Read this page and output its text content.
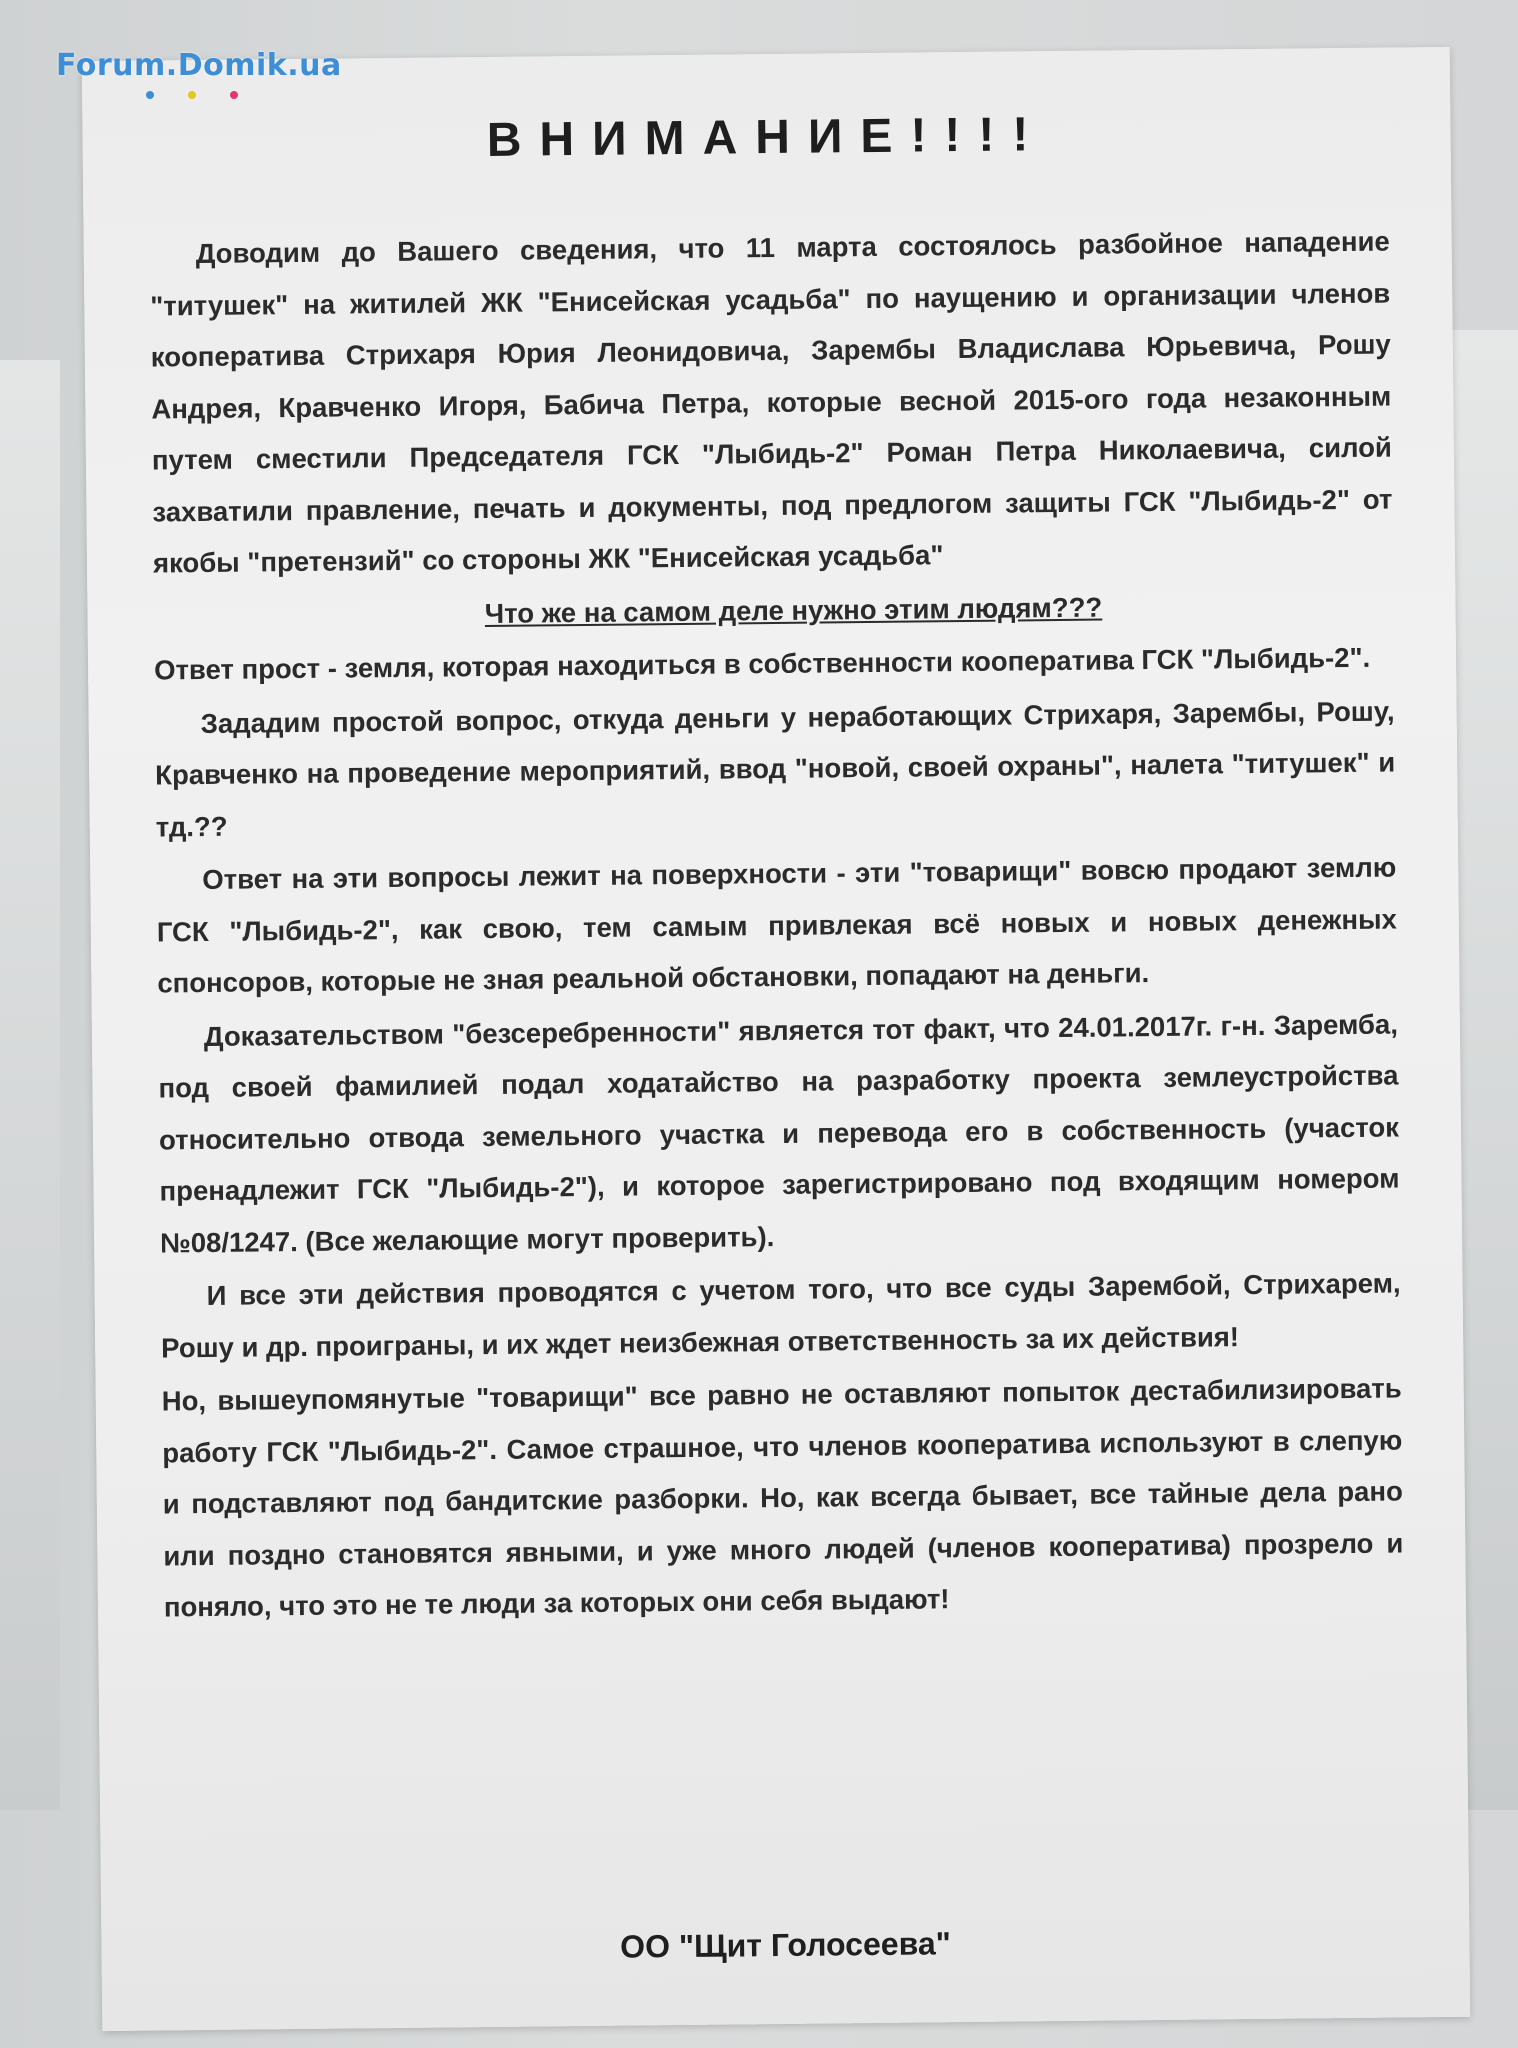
ВНИМАНИЕ!!!!

Доводим до Вашего сведения, что 11 марта состоялось разбойное нападение "титушек" на житилей ЖК "Енисейская усадьба" по наущению и организации членов кооператива Стрихаря Юрия Леонидовича, Зарембы Владислава Юрьевича, Рошу Андрея, Кравченко Игоря, Бабича Петра, которые весной 2015-ого года незаконным путем сместили Председателя ГСК "Лыбидь-2" Роман Петра Николаевича, силой захватили правление, печать и документы, под предлогом защиты ГСК "Лыбидь-2" от якобы "претензий" со стороны ЖК "Енисейская усадьба"

Что же на самом деле нужно этим людям???

Ответ прост - земля, которая находиться в собственности кооператива ГСК "Лыбидь-2".

Зададим простой вопрос, откуда деньги у неработающих Стрихаря, Зарембы, Рошу, Кравченко на проведение мероприятий, ввод "новой, своей охраны", налета "титушек" и тд.??

Ответ на эти вопросы лежит на поверхности - эти "товарищи" вовсю продают землю ГСК "Лыбидь-2", как свою, тем самым привлекая всё новых и новых денежных спонсоров, которые не зная реальной обстановки, попадают на деньги.

Доказательством "безсеребренности" является тот факт, что 24.01.2017г. г-н. Заремба, под своей фамилией подал ходатайство на разработку проекта землеустройства относительно отвода земельного участка и перевода его в собственность (участок пренадлежит ГСК "Лыбидь-2"), и которое зарегистрировано под входящим номером №08/1247. (Все желающие могут проверить).

И все эти действия проводятся с учетом того, что все суды Зарембой, Стрихарем, Рошу и др. проиграны, и их ждет неизбежная ответственность за их действия!

Но, вышеупомянутые "товарищи" все равно не оставляют попыток дестабилизировать работу ГСК "Лыбидь-2". Самое страшное, что членов кооператива используют в слепую и подставляют под бандитские разборки. Но, как всегда бывает, все тайные дела рано или поздно становятся явными, и уже много людей (членов кооператива) прозрело и поняло, что это не те люди за которых они себя выдают!

ОО "Щит Голосеева"
Forum.Domik.ua
